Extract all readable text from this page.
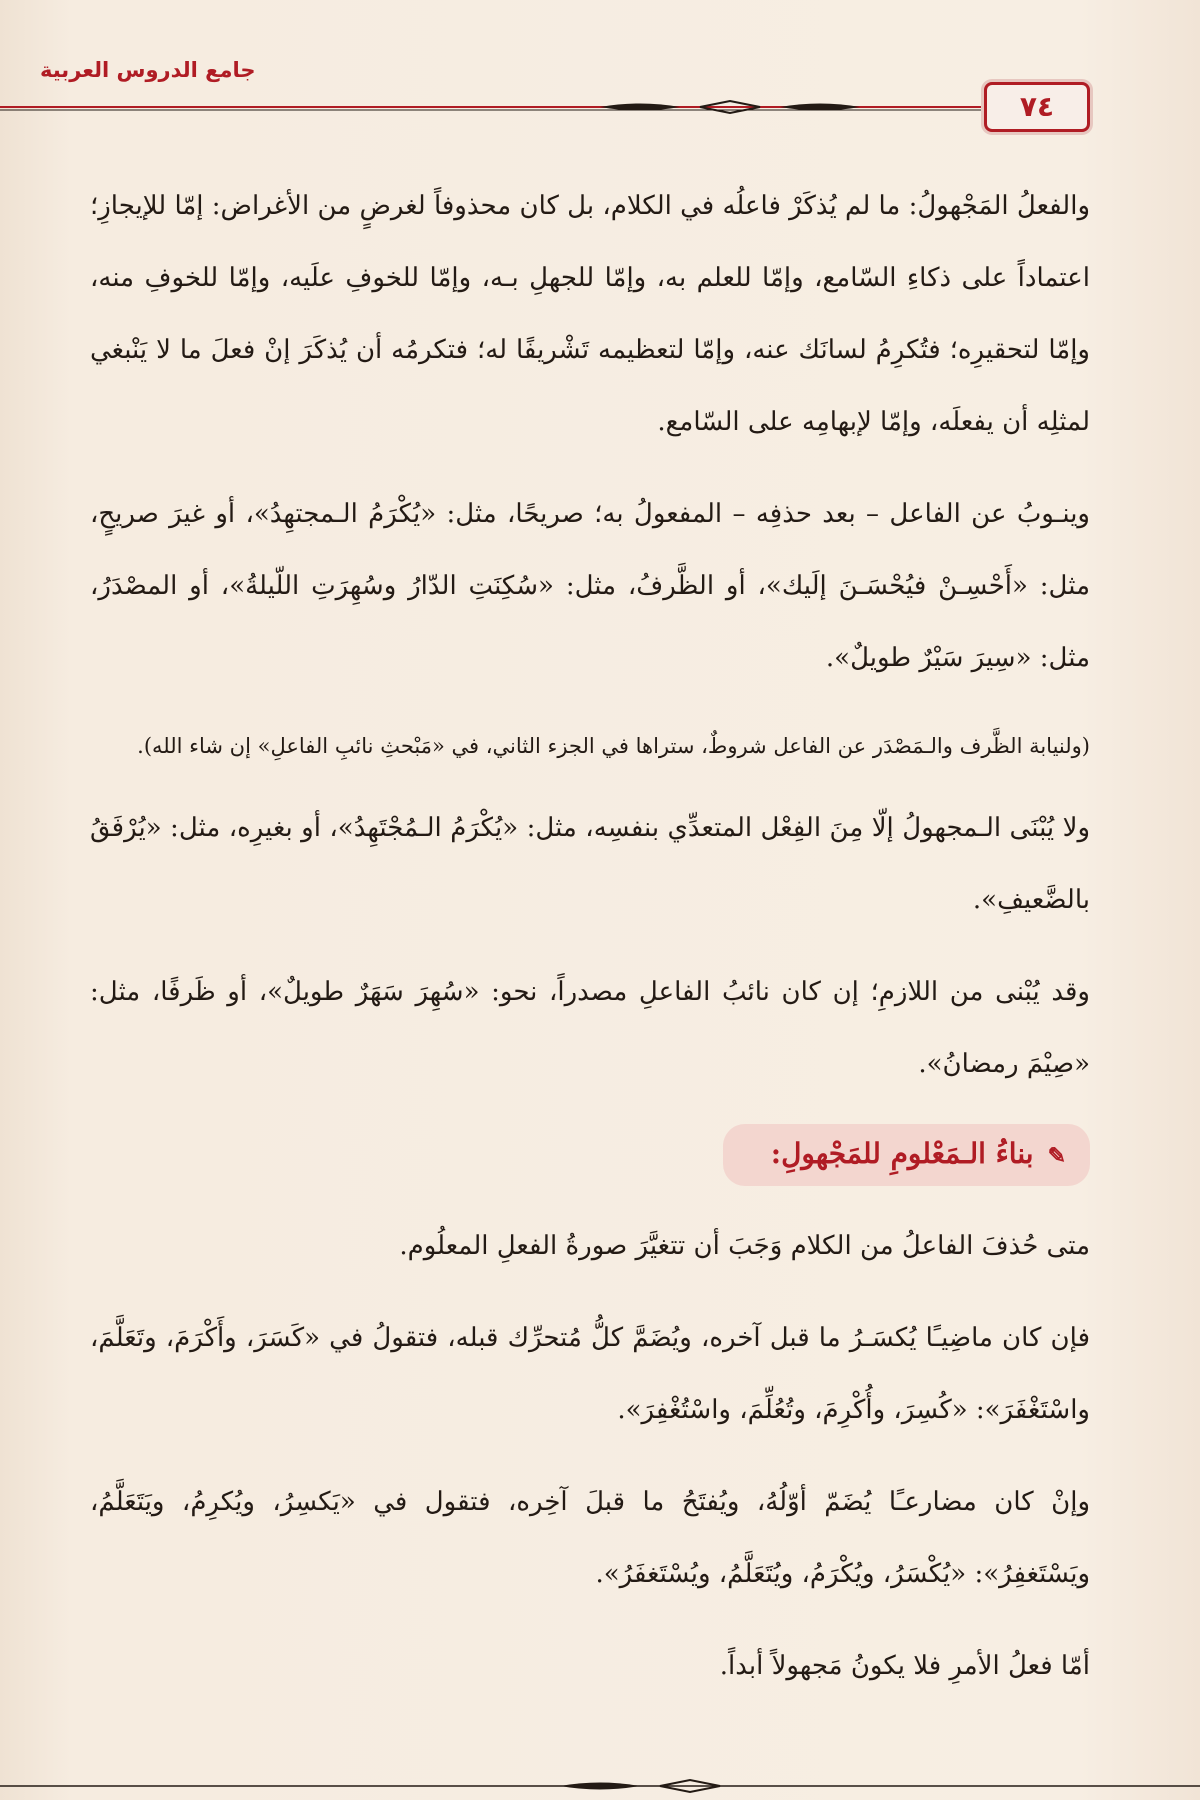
جامع الدروس العربية
٧٤

والفعلُ المَجْهولُ: ما لم يُذكَرْ فاعلُه في الكلام، بل كان محذوفاً لغرضٍ من الأغراض: إمّا للإيجازِ؛ اعتماداً على ذكاءِ السّامع، وإمّا للعلم به، وإمّا للجهلِ بـه، وإمّا للخوفِ علَيه، وإمّا للخوفِ منه، وإمّا لتحقيرِه؛ فتُكرِمُ لسانَك عنه، وإمّا لتعظيمه تَشْريفًا له؛ فتكرمُه أن يُذكَرَ إنْ فعلَ ما لا يَنْبغي لمثلِه أن يفعلَه، وإمّا لإبهامِه على السّامع.

وينـوبُ عن الفاعل – بعد حذفِه – المفعولُ به؛ صريحًا، مثل: «يُكْرَمُ الـمجتهِدُ»، أو غيرَ صريحٍ، مثل: «أَحْسِـنْ فيُحْسَـنَ إلَيك»، أو الظَّرفُ، مثل: «سُكِنَتِ الدّارُ وسُهِرَتِ اللّيلةُ»، أو المصْدَرُ، مثل: «سِيرَ سَيْرٌ طويلٌ».

(ولنيابة الظَّرف والـمَصْدَر عن الفاعل شروطٌ، ستراها في الجزء الثاني، في «مَبْحثِ نائبِ الفاعلِ» إن شاء الله).

ولا يُبْنَى الـمجهولُ إلّا مِنَ الفِعْل المتعدِّي بنفسِه، مثل: «يُكْرَمُ الـمُجْتَهِدُ»، أو بغيرِه، مثل: «يُرْفَقُ بالضَّعيفِ».

وقد يُبْنى من اللازمِ؛ إن كان نائبُ الفاعلِ مصدراً، نحو: «سُهِرَ سَهَرٌ طويلٌ»، أو ظَرفًا، مثل: «صِيْمَ رمضانُ».

✎بناءُ الـمَعْلومِ للمَجْهولِ:

متى حُذفَ الفاعلُ من الكلام وَجَبَ أن تتغيَّرَ صورةُ الفعلِ المعلُوم.

فإن كان ماضِيـًا يُكسَـرُ ما قبل آخره، ويُضَمَّ كلُّ مُتحرِّك قبله، فتقولُ في «كَسَرَ، وأَكْرَمَ، وتَعَلَّمَ، واسْتَغْفَرَ»: «كُسِرَ، وأُكْرِمَ، وتُعُلِّمَ، واسْتُغْفِرَ».

وإنْ كان مضارعـًا يُضَمّ أوّلُهُ، ويُفتَحُ ما قبلَ آخِره، فتقول في «يَكسِرُ، ويُكرِمُ، ويَتَعَلَّمُ، ويَسْتَغفِرُ»: «يُكْسَرُ، ويُكْرَمُ، ويُتَعَلَّمُ، ويُسْتَغفَرُ».

أمّا فعلُ الأمرِ فلا يكونُ مَجهولاً أبداً.
